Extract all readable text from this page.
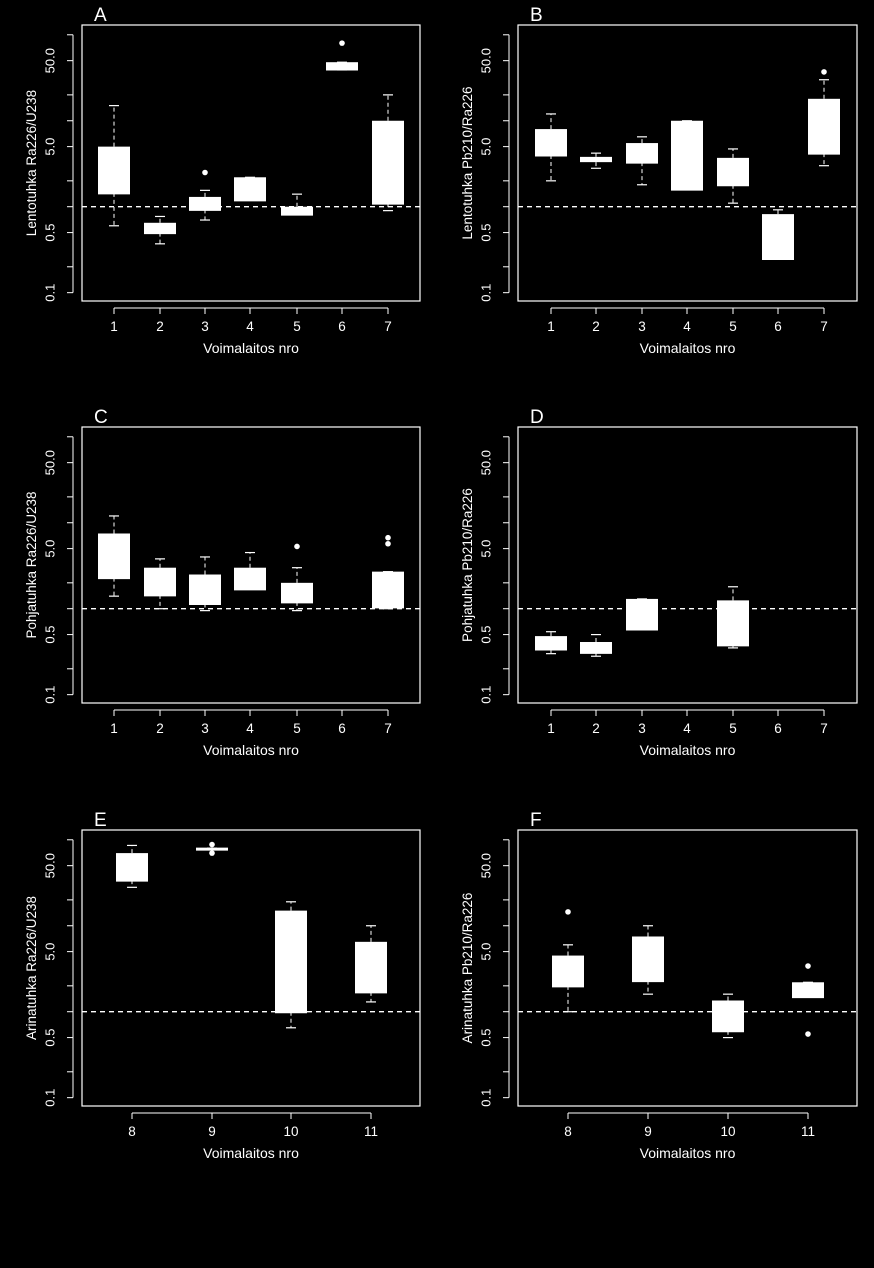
A
0.1
0.5
5.0
50.0
Lentotuhka Ra226/U238
1	2	3	4	5	6	7
Voimalaitos nro
B
0.1
0.5
5.0
50.0
Lentotuhka Pb210/Ra226
1	2	3	4	5	6	7
Voimalaitos nro
C
0.1
0.5
5.0
50.0
Pohjatuhka Ra226/U238
1	2	3	4	5	6	7
Voimalaitos nro
D
0.1
0.5
5.0
50.0
Pohjatuhka Pb210/Ra226
1	2	3	4	5	6	7
Voimalaitos nro
E
0.1
0.5
5.0
50.0
Arinatuhka Ra226/U238
8	9	10	11
Voimalaitos nro
F
0.1
0.5
5.0
50.0
Arinatuhka Pb210/Ra226
8	9	10	11
Voimalaitos nro
